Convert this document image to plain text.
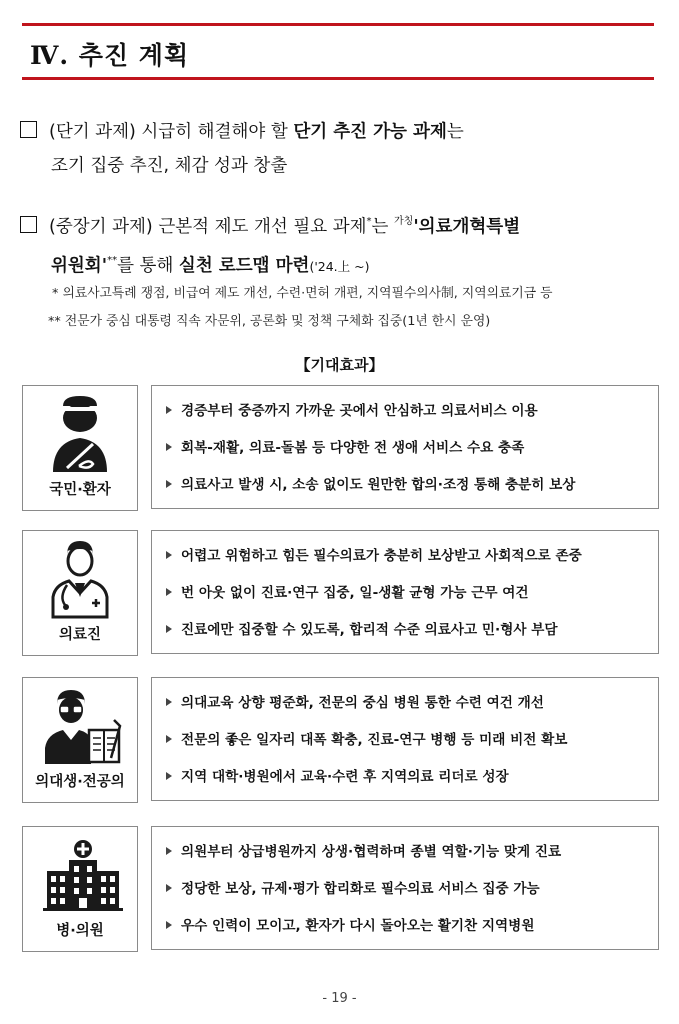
Ⅳ. 추진 계획
(단기 과제) 시급히 해결해야 할 단기 추진 가능 과제는
조기 집중 추진, 체감 성과 창출
(중장기 과제) 근본적 제도 개선 필요 과제*는 $^{가칭}$'의료개혁특별
위원회'**를 통해 실천 로드맵 마련('24.上 ~)
* 의료사고특례 쟁점, 비급여 제도 개선, 수련·면허 개편, 지역필수의사制, 지역의료기금 등
** 전문가 중심 대통령 직속 자문위, 공론화 및 정책 구체화 집중(1년 한시 운영)
【기대효과】
국민·환자
경증부터 중증까지 가까운 곳에서 안심하고 의료서비스 이용
회복-재활, 의료-돌봄 등 다양한 전 생애 서비스 수요 충족
의료사고 발생 시, 소송 없이도 원만한 합의·조정 통해 충분히 보상
의료진
어렵고 위험하고 힘든 필수의료가 충분히 보상받고 사회적으로 존중
번 아웃 없이 진료·연구 집중, 일-생활 균형 가능 근무 여건
진료에만 집중할 수 있도록, 합리적 수준 의료사고 민·형사 부담
의대생·전공의
의대교육 상향 평준화, 전문의 중심 병원 통한 수련 여건 개선
전문의 좋은 일자리 대폭 확충, 진료-연구 병행 등 미래 비전 확보
지역 대학·병원에서 교육·수련 후 지역의료 리더로 성장
병·의원
의원부터 상급병원까지 상생·협력하며 종별 역할·기능 맞게 진료
정당한 보상, 규제·평가 합리화로 필수의료 서비스 집중 가능
우수 인력이 모이고, 환자가 다시 돌아오는 활기찬 지역병원
- 19 -
